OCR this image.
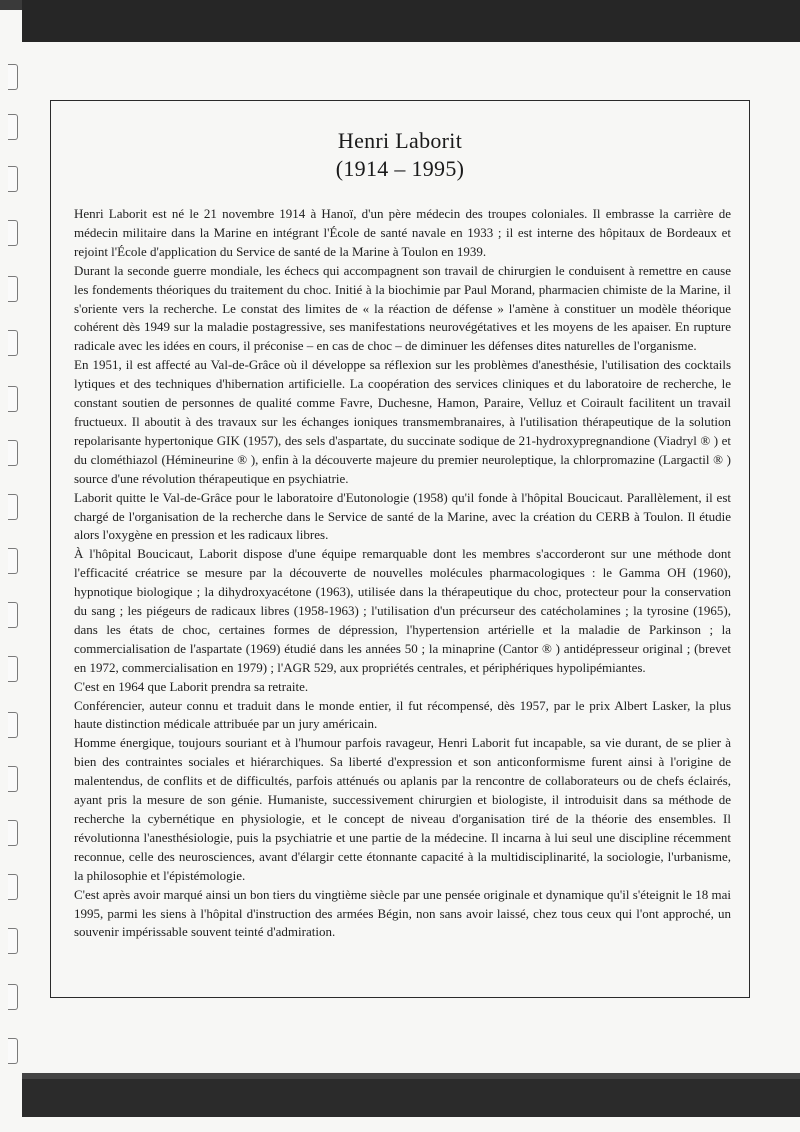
Henri Laborit
(1914 – 1995)

Henri Laborit est né le 21 novembre 1914 à Hanoï, d'un père médecin des troupes coloniales. Il embrasse la carrière de médecin militaire dans la Marine en intégrant l'École de santé navale en 1933 ; il est interne des hôpitaux de Bordeaux et rejoint l'École d'application du Service de santé de la Marine à Toulon en 1939.

Durant la seconde guerre mondiale, les échecs qui accompagnent son travail de chirurgien le conduisent à remettre en cause les fondements théoriques du traitement du choc. Initié à la biochimie par Paul Morand, pharmacien chimiste de la Marine, il s'oriente vers la recherche. Le constat des limites de « la réaction de défense » l'amène à constituer un modèle théorique cohérent dès 1949 sur la maladie postagressive, ses manifestations neurovégétatives et les moyens de les apaiser. En rupture radicale avec les idées en cours, il préconise – en cas de choc – de diminuer les défenses dites naturelles de l'organisme.

En 1951, il est affecté au Val-de-Grâce où il développe sa réflexion sur les problèmes d'anesthésie, l'utilisation des cocktails lytiques et des techniques d'hibernation artificielle. La coopération des services cliniques et du laboratoire de recherche, le constant soutien de personnes de qualité comme Favre, Duchesne, Hamon, Paraire, Velluz et Coirault facilitent un travail fructueux. Il aboutit à des travaux sur les échanges ioniques transmembranaires, à l'utilisation thérapeutique de la solution repolarisante hypertonique GIK (1957), des sels d'aspartate, du succinate sodique de 21-hydroxypregnandione (Viadryl ® ) et du clométhiazol (Hémineurine ® ), enfin à la découverte majeure du premier neuroleptique, la chlorpromazine (Largactil ® ) source d'une révolution thérapeutique en psychiatrie.

Laborit quitte le Val-de-Grâce pour le laboratoire d'Eutonologie (1958) qu'il fonde à l'hôpital Boucicaut. Parallèlement, il est chargé de l'organisation de la recherche dans le Service de santé de la Marine, avec la création du CERB à Toulon. Il étudie alors l'oxygène en pression et les radicaux libres.

À l'hôpital Boucicaut, Laborit dispose d'une équipe remarquable dont les membres s'accorderont sur une méthode dont l'efficacité créatrice se mesure par la découverte de nouvelles molécules pharmacologiques : le Gamma OH (1960), hypnotique biologique ; la dihydroxyacétone (1963), utilisée dans la thérapeutique du choc, protecteur pour la conservation du sang ; les piégeurs de radicaux libres (1958-1963) ; l'utilisation d'un précurseur des catécholamines ; la tyrosine (1965), dans les états de choc, certaines formes de dépression, l'hypertension artérielle et la maladie de Parkinson ; la commercialisation de l'aspartate (1969) étudié dans les années 50 ; la minaprine (Cantor ® ) antidépresseur original ; (brevet en 1972, commercialisation en 1979) ; l'AGR 529, aux propriétés centrales, et périphériques hypolipémiantes.

C'est en 1964 que Laborit prendra sa retraite.

Conférencier, auteur connu et traduit dans le monde entier, il fut récompensé, dès 1957, par le prix Albert Lasker, la plus haute distinction médicale attribuée par un jury américain.

Homme énergique, toujours souriant et à l'humour parfois ravageur, Henri Laborit fut incapable, sa vie durant, de se plier à bien des contraintes sociales et hiérarchiques. Sa liberté d'expression et son anticonformisme furent ainsi à l'origine de malentendus, de conflits et de difficultés, parfois atténués ou aplanis par la rencontre de collaborateurs ou de chefs éclairés, ayant pris la mesure de son génie. Humaniste, successivement chirurgien et biologiste, il introduisit dans sa méthode de recherche la cybernétique en physiologie, et le concept de niveau d'organisation tiré de la théorie des ensembles. Il révolutionna l'anesthésiologie, puis la psychiatrie et une partie de la médecine. Il incarna à lui seul une discipline récemment reconnue, celle des neurosciences, avant d'élargir cette étonnante capacité à la multidisciplinarité, la sociologie, l'urbanisme, la philosophie et l'épistémologie.

C'est après avoir marqué ainsi un bon tiers du vingtième siècle par une pensée originale et dynamique qu'il s'éteignit le 18 mai 1995, parmi les siens à l'hôpital d'instruction des armées Bégin, non sans avoir laissé, chez tous ceux qui l'ont approché, un souvenir impérissable souvent teinté d'admiration.
